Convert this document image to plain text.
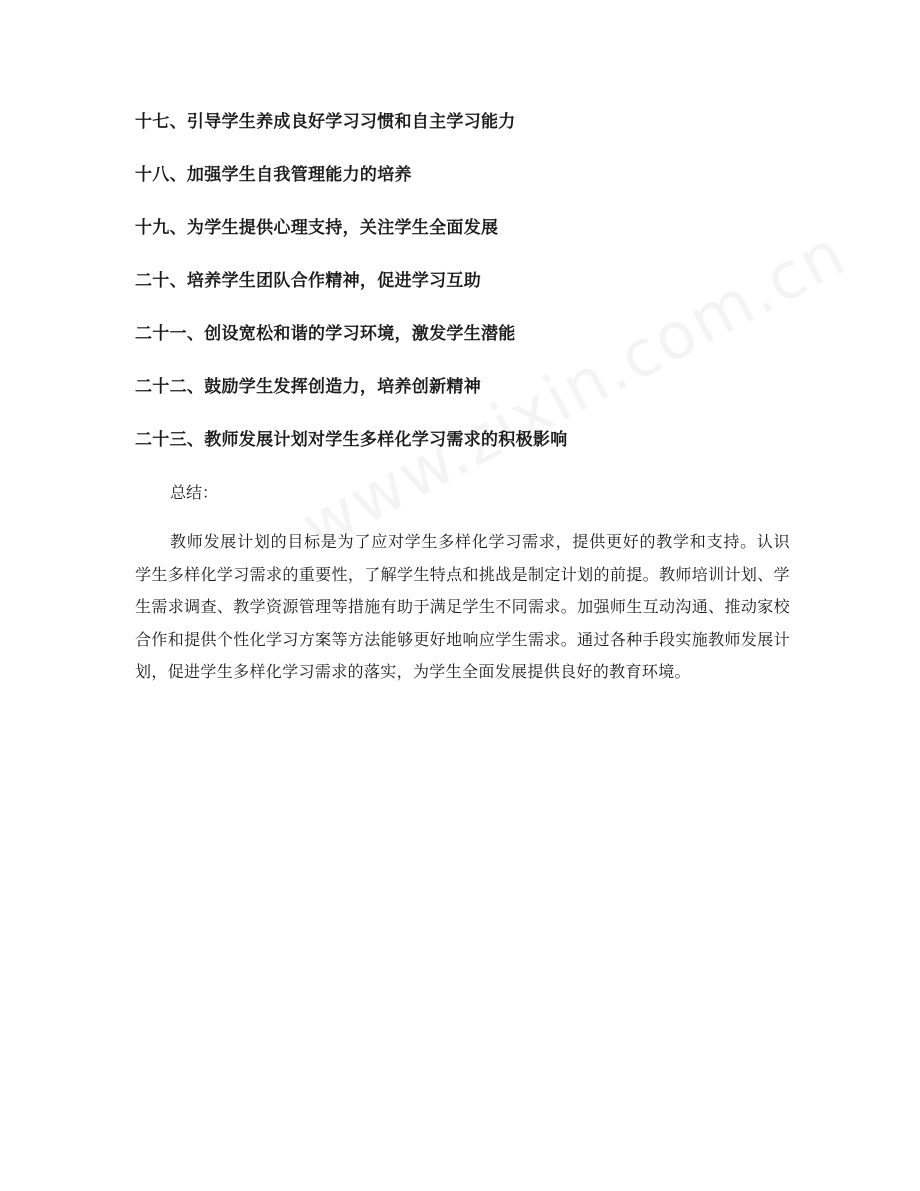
十七、引导学生养成良好学习习惯和自主学习能力

十八、加强学生自我管理能力的培养

十九、为学生提供心理支持，关注学生全面发展

二十、培养学生团队合作精神，促进学习互助

二十一、创设宽松和谐的学习环境，激发学生潜能

二十二、鼓励学生发挥创造力，培养创新精神

二十三、教师发展计划对学生多样化学习需求的积极影响

总结：

教师发展计划的目标是为了应对学生多样化学习需求，提供更好的教学和支持。认识学生多样化学习需求的重要性，了解学生特点和挑战是制定计划的前提。教师培训计划、学生需求调查、教学资源管理等措施有助于满足学生不同需求。加强师生互动沟通、推动家校合作和提供个性化学习方案等方法能够更好地响应学生需求。通过各种手段实施教师发展计划，促进学生多样化学习需求的落实，为学生全面发展提供良好的教育环境。
